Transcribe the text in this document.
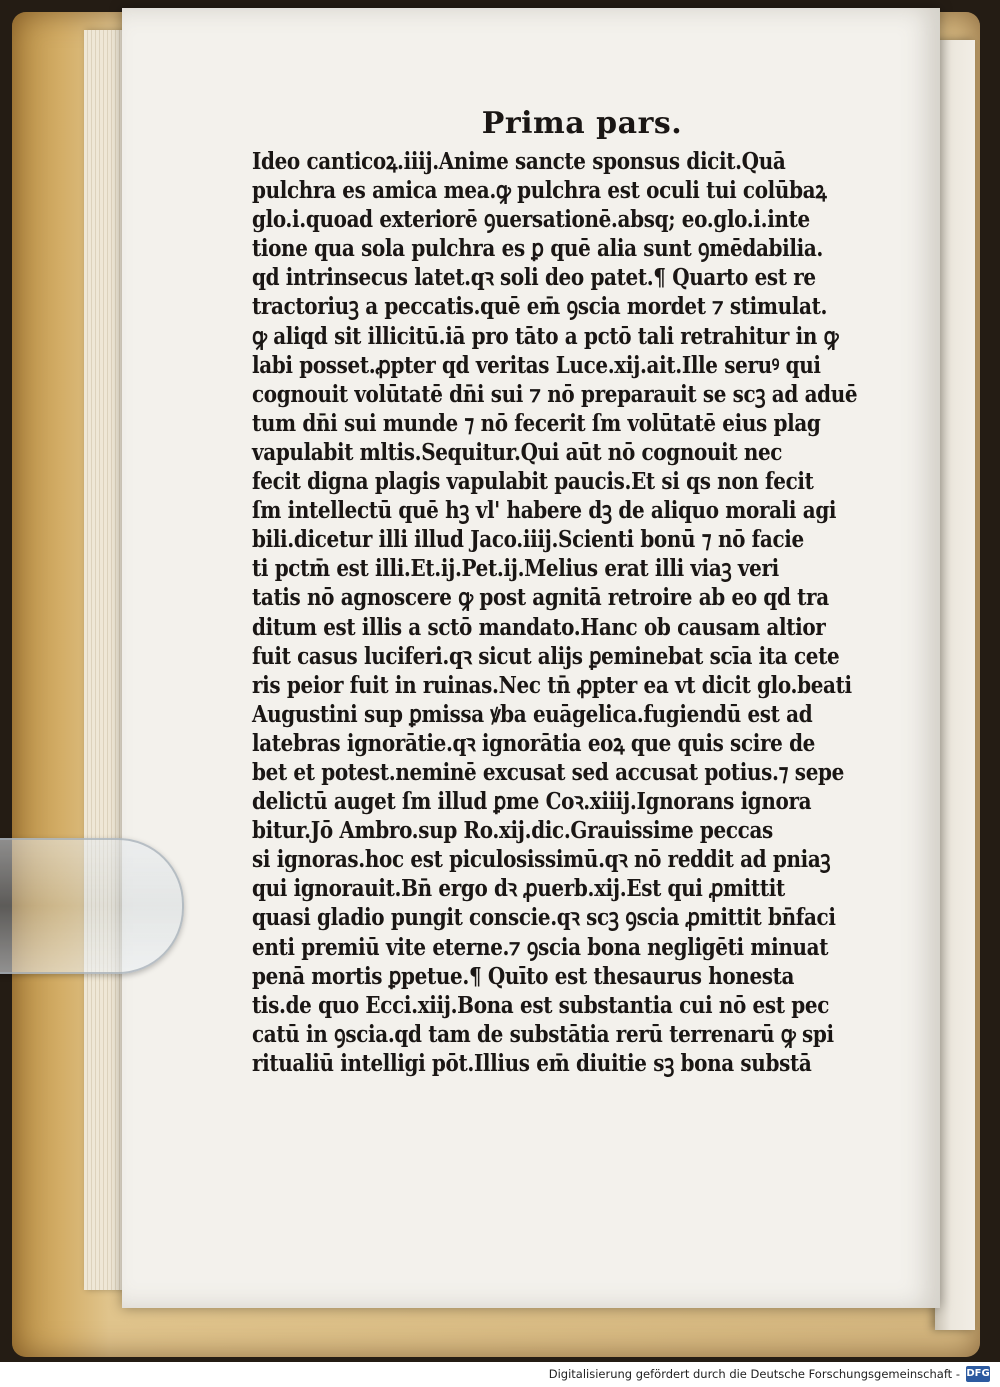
Prima pars.
Ideo canticoꝝ.iiij.Anime sancte sponsus dicit.Quā
pulchra es amica mea.ꝙ pulchra est oculi tui colūbaꝝ
glo.i.quoad exteriorē ꝯuersationē.absq; eo.glo.i.inte
tione qua sola pulchra es ꝑ quē alia sunt ꝯmēdabilia.
qd intrinsecus latet.qꝛ soli deo patet.¶ Quarto est re
tractoriuꝫ a peccatis.quē em̄ ꝯscia mordet ⁊ stimulat.
ꝙ aliqd sit illicitū.iā pro tāto a pctō tali retrahitur in ꝙ
labi posset.ꝓpter qd veritas Luce.xij.ait.Ille seruꝰ qui
cognouit volūtatē dn̄i sui ⁊ nō preparauit se scꝫ ad aduē
tum dn̄i sui munde ⁊ nō fecerit ſm volūtatē eius plag
vapulabit mltis.Sequitur.Qui aūt nō cognouit nec
fecit digna plagis vapulabit paucis.Et si qs non fecit
ſm intellectū quē hꝫ vl' habere dꝫ de aliquo morali agi
bili.dicetur illi illud Jaco.iiij.Scienti bonū ⁊ nō facie
ti pctm̄ est illi.Et.ij.Pet.ij.Melius erat illi viaꝫ veri
tatis nō agnoscere ꝙ post agnitā retroire ab eo qd tra
ditum est illis a sctō mandato.Hanc ob causam altior
fuit casus luciferi.qꝛ sicut alijs ꝑeminebat scīa ita cete
ris peior fuit in ruinas.Nec tn̄ ꝓpter ea vt dicit glo.beati
Augustini sup ꝑmissa ꝟba euāgelica.fugiendū est ad
latebras ignorātie.qꝛ ignorātia eoꝝ que quis scire de
bet et potest.neminē excusat sed accusat potius.⁊ sepe
delictū auget ſm illud ꝑme Coꝛ.xiiij.Ignorans ignora
bitur.Jō Ambro.sup Ro.xij.dic.Grauissime peccas
si ignoras.hoc est piculosissimū.qꝛ nō reddit ad pniaꝫ
qui ignorauit.Bn̄ ergo dꝛ ꝓuerb.xij.Est qui ꝓmittit
quasi gladio pungit conscie.qꝛ scꝫ ꝯscia ꝓmittit bn̄faci
enti premiū vite eterne.⁊ ꝯscia bona negligēti minuat
penā mortis ꝑpetue.¶ Quīto est thesaurus honesta
tis.de quo Ecci.xiij.Bona est substantia cui nō est pec
catū in ꝯscia.qd tam de substātia rerū terrenarū ꝙ spi
ritualiū intelligi pōt.Illius em̄ diuitie sꝫ bona substā
Digitalisierung gefördert durch die Deutsche Forschungsgemeinschaft - DFG
